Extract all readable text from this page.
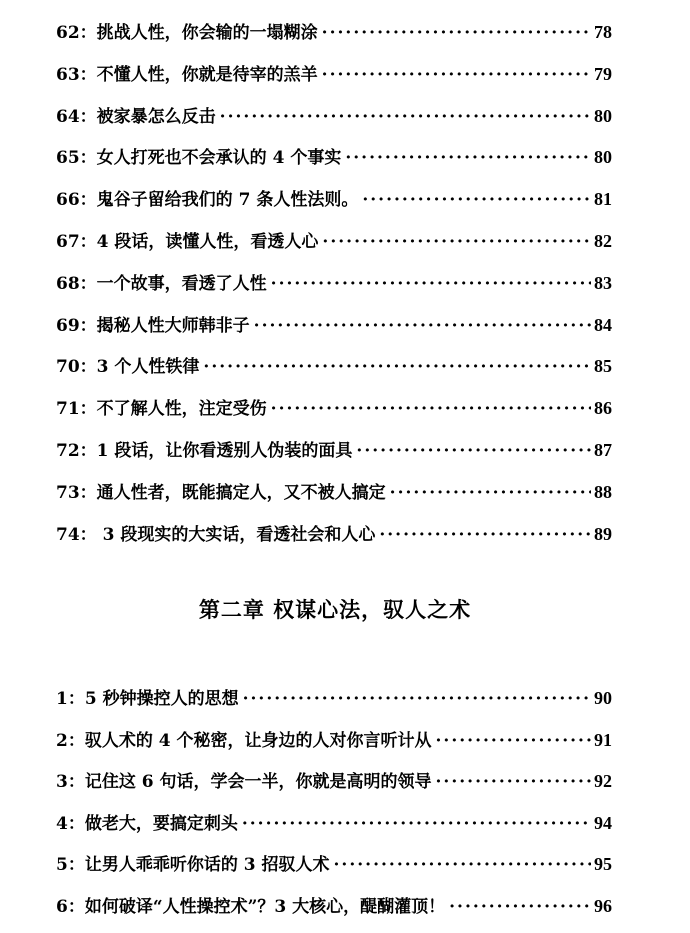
62：挑战人性，你会输的一塌糊涂 ·····	78
63：不懂人性，你就是待宰的羔羊 ·····	79
64：被家暴怎么反击 ·····	80
65：女人打死也不会承认的 4 个事实 ·····	80
66：鬼谷子留给我们的 7 条人性法则。 ·····	81
67：4 段话，读懂人性，看透人心 ·····	82
68：一个故事，看透了人性 ·····	83
69：揭秘人性大师韩非子 ·····	84
70：3 个人性铁律 ·····	85
71：不了解人性，注定受伤 ·····	86
72：1 段话，让你看透别人伪装的面具 ·····	87
73：通人性者，既能搞定人，又不被人搞定 ·····	88
74： 3 段现实的大实话，看透社会和人心 ·····	89
第二章 权谋心法，驭人之术
1：5 秒钟操控人的思想 ·····	90
2：驭人术的 4 个秘密，让身边的人对你言听计从 ·····	91
3：记住这 6 句话，学会一半，你就是高明的领导 ·····	92
4：做老大，要搞定刺头 ·····	94
5：让男人乖乖听你话的 3 招驭人术 ·····	95
6：如何破译“人性操控术”？3 大核心，醍醐灌顶！ ·····	96
